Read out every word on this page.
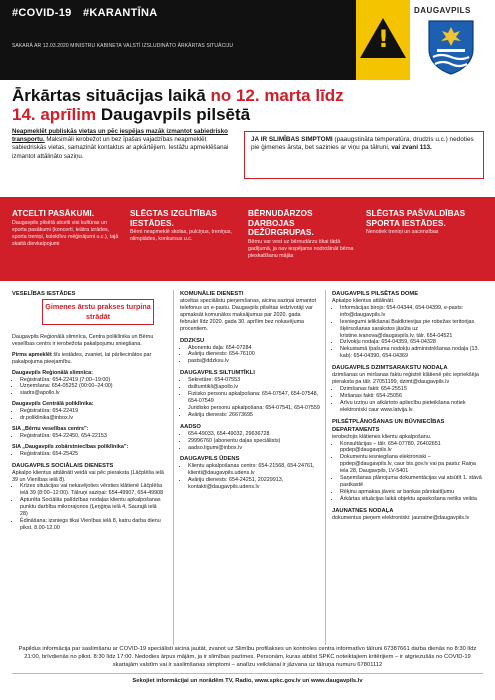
#COVID-19 #KARANTĪNA
SAKARĀ AR 12.03.2020 MINISTRU KABINETA VALSTĪ IZSLUDINĀTO ĀRKĀRTAS SITUĀCIJU	!
DAUGAVPILS
Ārkārtas situācijas laikā no 12. marta līdz 14. aprīlim Daugavpils pilsētā
Neapmeklēt publiskās vietas un pēc iespējas mazāk izmantot sabiedrisko transportu. Maksimāli ierobežot un bez īpašas vajadzības neapmeklēt sabiedriskās vietas, samazināt kontaktus ar apkārtējiem. Iestāžu apmeklēšanai izmantot attālināto saziņu.
JA IR SLIMĪBAS SIMPTOMI (paaugstināta temperatūra, drudzis u.c.) nedoties pie ģimenes ārsta, bet sazinies ar viņu pa tālruni, vai zvani 113.
ATCELTI PASĀKUMI.
Daugavpils pilsētā atcelti visi kultūras un sporta pasākumi (koncerti, teātra izrādes, sporta treniņi, kolektīvu mēģinājumi u.c.), tajā skaitā dievkalpojumi
SLĒGTAS IZGLĪTĪBAS IESTĀDES.
Bērni neapmeklē skolas, pulciņus, treniņus, olimpiādes, konkursus u.c.
BĒRNUDĀRZOS DARBOJAS DEŽŪRGRUPAS.
Bērnu var vest uz bērnudārzu tikai tādā gadījumā, ja nav iespējams nodrošināt bērna pieskatīšanu mājās
SLĒGTAS PAŠVALDĪBAS SPORTA IESTĀDES.
Nenotiek treniņi un sacensības
VESELĪBAS IESTĀDES
Daugavpils Reģionālā slimnīca, Centra poliklīnika un Bērnu veselības centrs ir ierobežota pakalpojumu sniegšana.
Pirms apmeklēt šīs iestādes, zvaniet, lai pārliecinātos par pakalpojuma pieejamību.
Daugavpils Reģionālā slimnīca:
• Reģistratūra: 654-22419 (7:00–19:00)
• Uzņemšana: 654-05252 (00:00–24:00)
• siadrs@apollo.lv
Daugavpils Centrālā poliklīnika:
• Reģistratūra: 654-22419
• dr.poliklinika@inbox.lv
SIA „Bērnu veselības centrs”:
• Reģistratūra: 654-22450, 654-22153
SIA „Daugavpils zobārstniecības poliklīnika”:
• Reģistratūra: 654-25425
DAUGAVPILS SOCIĀLAIS DIENESTS
Apkalpo klientus attālināti veidā vai pēc pieraksta (Lāčplēša ielā 39 un Vienības ielā 8).
• Krīzes situācijas vai nekavējoties vērsties klātienē Lāčplēša ielā 39 (8:00–12:00). Tālruņi saziņai: 654-49907, 654-49908
• Apturēta Sociālās palīdzības nodaļas klientu apkalpošanas punktu darbība mikrorajonos (Ļeņģiņa ielā 4, Saurajā ielā 28)
• Ēdināšana: izsniegs tikai Vienības ielā 8, katru darba dienu plkst. 8.00-12.00
Ģimenes ārstu prakses turpina strādāt
KOMUNĀLIE DIENESTI
atceltas speciālistu pieņemšanas, aicina saziņai izmantot telefonus un e-pastu. Daugavpils pilsētas iedzīvotāji var apmaksāt komunālos maksājumus par 2020. gada februāri līdz 2020. gada 30. aprīlim bez nokavējuma procentiem.
DDZKSU
• Abonentu daļa: 654-07284
• Avāriju dienests: 654-76100
• pasts@ddzksu.lv
DAUGAVPILS SILTUMTĪKLI
• Sekretāre: 654-07553
• dsiltumtikli@apollo.lv
• Fiziisko personu apkalpošana: 654-07547, 654-07548, 654-07549
• Juridisko personu apkalpošana: 654-07541, 654-07559
• Avāriju dienests: 26673695
AADSO
• 654-49033, 654-49032, 29636728
• 29996760 (abonentu daļas speciālists)
• aadso.ligumi@inbox.lv
DAUGAVPILS ŪDENS
• Klientu apkalpošanas centrs: 654-21568, 654-24761, klienti@daugavpils.udens.lv
• Avāriju dienests: 654-24251, 20229913, kontakti@daugavpils.udens.lv
DAUGAVPILS PILSĒTAS DOME
Apkalpo klientus attālināti.
• Informācijas birojs: 654-04344, 654-04399, e-pasts: info@daugavpils.lv
• Iesniegumi ielikšanai Baldkrievijas pie robežas teritorijas šķērsošanas sarakstos jāsūta uz kristine.ivanova@daugavpils.lv, tālr. 654-04521
• Dzīvokļu nodaļa: 654-04359, 654-04328
• Nekustamā īpašuma nodokļu administrēšanas nodaļa (13. kab): 654-04390, 654-04369
DAUGAVPILS DZIMTSARAKSTU NODAĻA
dzimšanas un miršanas faktu reģistrē klātienē pēc iepriekšēja pieraksta pa tālr. 27051199, dzimt@daugavpils.lv
• Dzimšanas fakti: 654-25515
• Miršanas fakti: 654-25056
• Arīvu izziņu un atkārtoto apliecību pieteikšana notiek elektroniski caur www.latvija.lv.
PILSĒTPLĀNOŠANAS UN BŪVNIECĪBAS DEPARTAMENTS
ierobežojis klātienes klientu apkalpošanu.
• Konsultācijas – tālr. 654-07780, 26402651 ppdep@daugavpils.lv
• Dokumentu iesniegšana elektroniski – ppdep@daugavpils.lv, caur bis.gov.lv vai pa pastu: Raiņa iela 28, Daugavpils, LV-5401
• Saņemšanas plānojuma dokumentācijas vai atsūtīt 1. stāvā pastkastē
• Rēķinu apmaksa jāveic ar bankas pārskaitījumu
• Ārkārtas situācijas laikā objektu apsekošana netiks veikta
JAUNATNES NODAĻA
dokumentus pieņem elektroniski: jaunatne@daugavpils.lv
Papildus informācija par saslimšanu ar COVID-19 speciālisti aicina jautāt, zvanot uz Slimību profilakses un kontroles centra informatīvo tālruni 67387661 darba dienās no 8:30 līdz 21:00, brīvdienās no plkst. 8:30 līdz 17:00. Nedodies ārpus mājām, ja ir slimības pazīmes. Personām, kuras atbilst SPKC noteiktajiem kritērijiem – ir atgriezušās no COVID-19 skartajām valstīm vai ir saslimšanas simptomi – analīzu veikšanai ir jāzvana uz tālruņa numuru 67801112
Sekojiet informācijai un norādēm TV, Radio, www.spkc.gov.lv un www.daugavpils.lv
